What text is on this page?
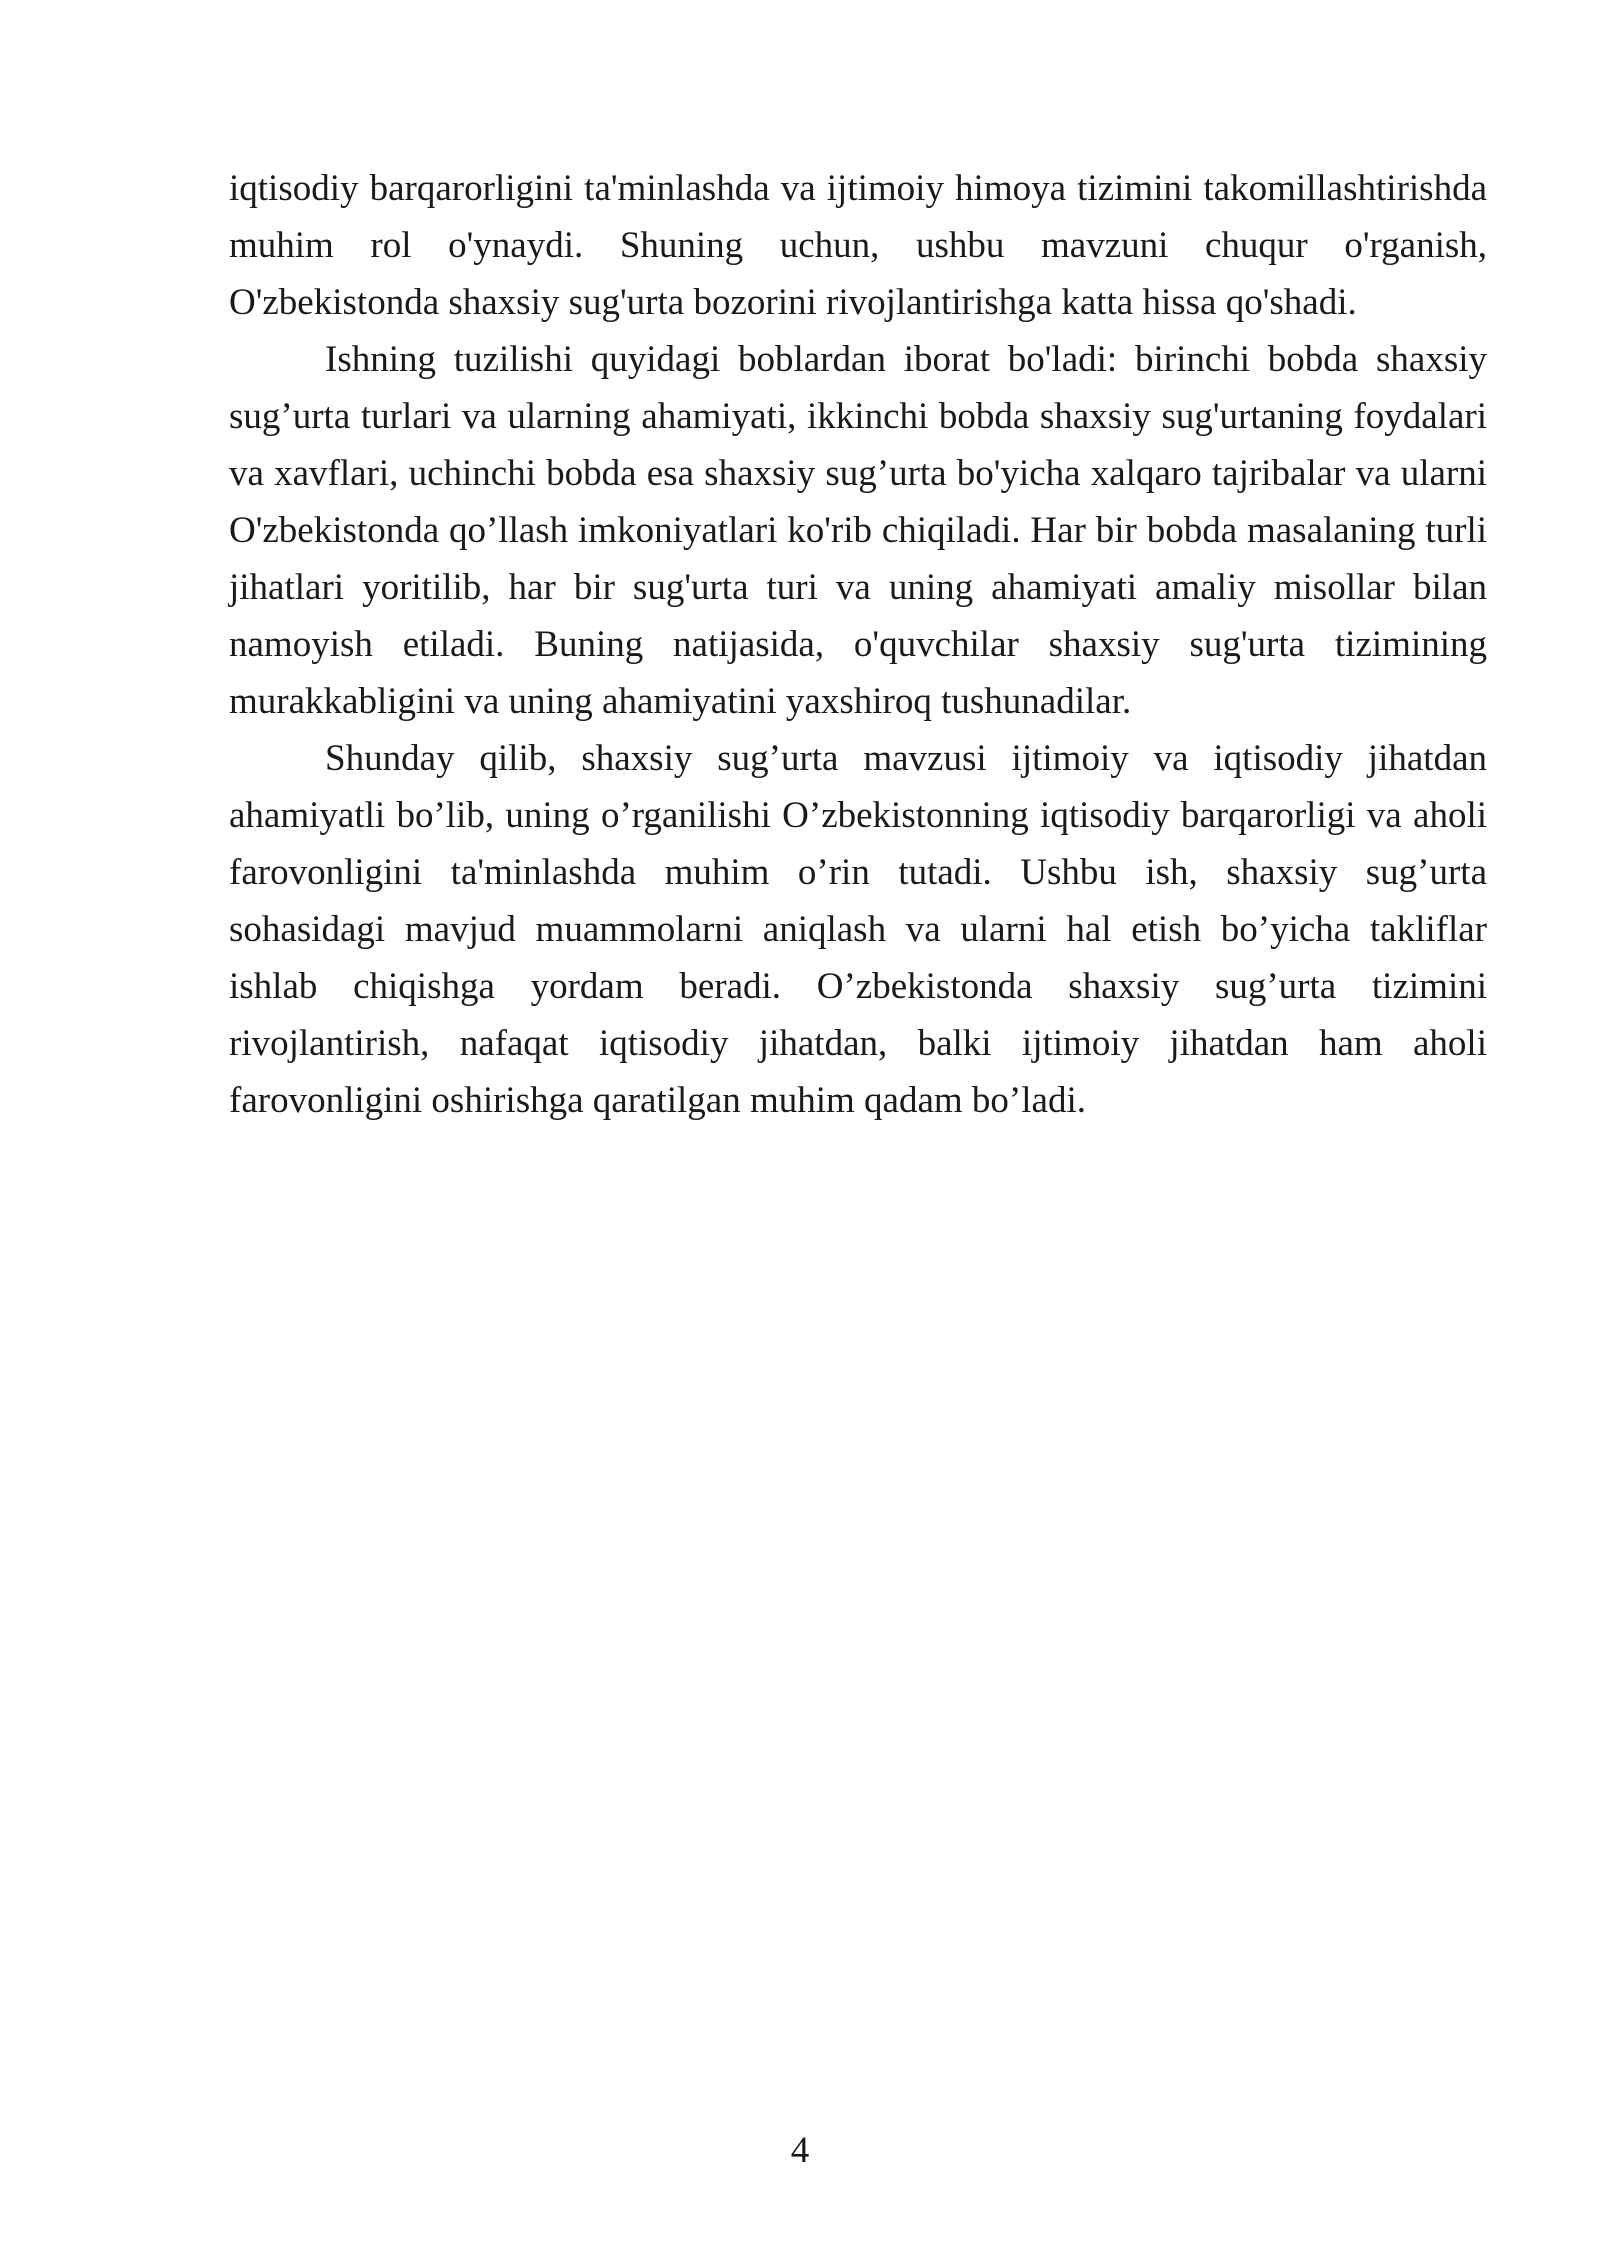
iqtisodiy barqarorligini ta'minlashda va ijtimoiy himoya tizimini takomillashtirishda muhim rol o'ynaydi. Shuning uchun, ushbu mavzuni chuqur o'rganish, O'zbekistonda shaxsiy sug'urta bozorini rivojlantirishga katta hissa qo'shadi.

Ishning tuzilishi quyidagi boblardan iborat bo'ladi: birinchi bobda shaxsiy sug’urta turlari va ularning ahamiyati, ikkinchi bobda shaxsiy sug'urtaning foydalari va xavflari, uchinchi bobda esa shaxsiy sug’urta bo'yicha xalqaro tajribalar va ularni O'zbekistonda qo’llash imkoniyatlari ko'rib chiqiladi. Har bir bobda masalaning turli jihatlari yoritilib, har bir sug'urta turi va uning ahamiyati amaliy misollar bilan namoyish etiladi. Buning natijasida, o'quvchilar shaxsiy sug'urta tizimining murakkabligini va uning ahamiyatini yaxshiroq tushunadilar.

Shunday qilib, shaxsiy sug’urta mavzusi ijtimoiy va iqtisodiy jihatdan ahamiyatli bo’lib, uning o’rganilishi O’zbekistonning iqtisodiy barqarorligi va aholi farovonligini ta'minlashda muhim o’rin tutadi. Ushbu ish, shaxsiy sug’urta sohasidagi mavjud muammolarni aniqlash va ularni hal etish bo’yicha takliflar ishlab chiqishga yordam beradi. O’zbekistonda shaxsiy sug’urta tizimini rivojlantirish, nafaqat iqtisodiy jihatdan, balki ijtimoiy jihatdan ham aholi farovonligini oshirishga qaratilgan muhim qadam bo’ladi.

4
